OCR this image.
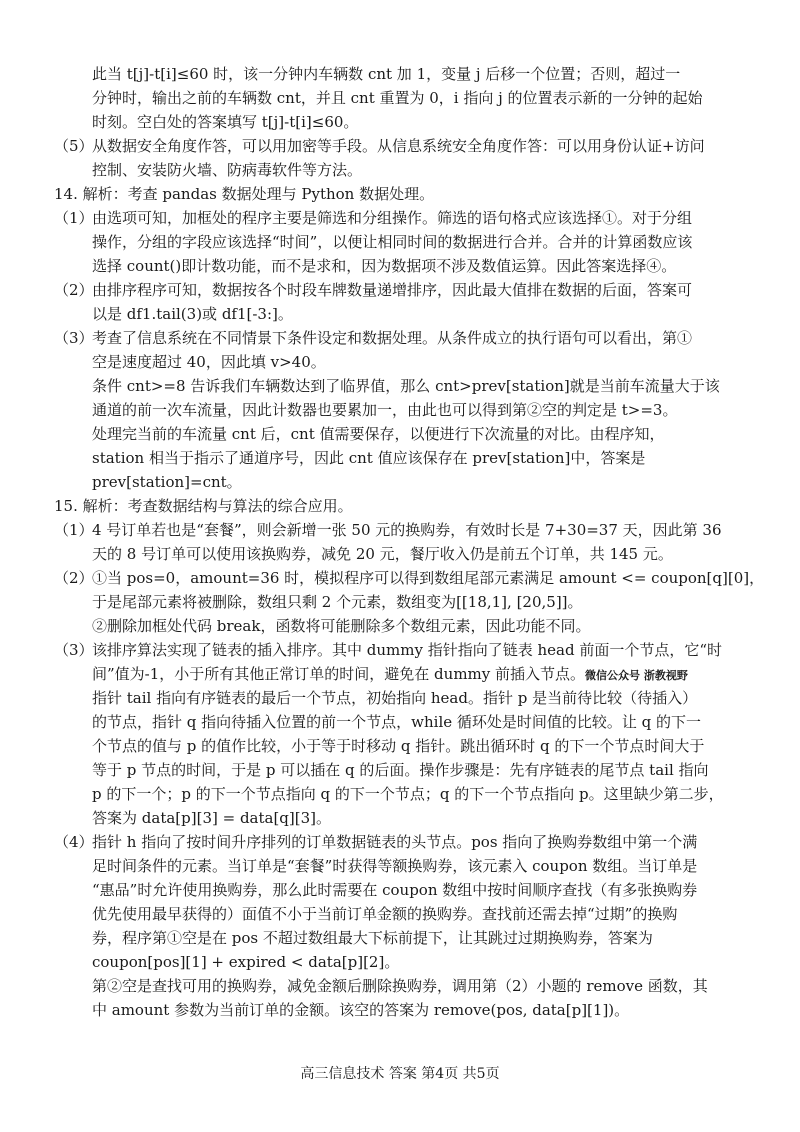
此当 t[j]-t[i]≤60 时，该一分钟内车辆数 cnt 加 1，变量 j 后移一个位置；否则，超过一
分钟时，输出之前的车辆数 cnt，并且 cnt 重置为 0，i 指向 j 的位置表示新的一分钟的起始
时刻。空白处的答案填写 t[j]-t[i]≤60。
（5）从数据安全角度作答，可以用加密等手段。从信息系统安全角度作答：可以用身份认证+访问
控制、安装防火墙、防病毒软件等方法。
14. 解析：考查 pandas 数据处理与 Python 数据处理。
（1）由选项可知，加框处的程序主要是筛选和分组操作。筛选的语句格式应该选择①。对于分组
操作，分组的字段应该选择“时间”，以便让相同时间的数据进行合并。合并的计算函数应该
选择 count()即计数功能，而不是求和，因为数据项不涉及数值运算。因此答案选择④。
（2）由排序程序可知，数据按各个时段车牌数量递增排序，因此最大值排在数据的后面，答案可
以是 df1.tail(3)或 df1[-3:]。
（3）考查了信息系统在不同情景下条件设定和数据处理。从条件成立的执行语句可以看出，第①
空是速度超过 40，因此填 v>40。
条件 cnt>=8 告诉我们车辆数达到了临界值，那么 cnt>prev[station]就是当前车流量大于该
通道的前一次车流量，因此计数器也要累加一，由此也可以得到第②空的判定是 t>=3。
处理完当前的车流量 cnt 后，cnt 值需要保存，以便进行下次流量的对比。由程序知，
station 相当于指示了通道序号，因此 cnt 值应该保存在 prev[station]中，答案是
prev[station]=cnt。
15. 解析：考查数据结构与算法的综合应用。
（1）4 号订单若也是“套餐”，则会新增一张 50 元的换购券，有效时长是 7+30=37 天，因此第 36
天的 8 号订单可以使用该换购券，减免 20 元，餐厅收入仍是前五个订单，共 145 元。
（2）①当 pos=0，amount=36 时，模拟程序可以得到数组尾部元素满足 amount <= coupon[q][0]，
于是尾部元素将被删除，数组只剩 2 个元素，数组变为[[18,1], [20,5]]。
②删除加框处代码 break，函数将可能删除多个数组元素，因此功能不同。
（3）该排序算法实现了链表的插入排序。其中 dummy 指针指向了链表 head 前面一个节点，它“时
间”值为-1，小于所有其他正常订单的时间，避免在 dummy 前插入节点。微信公众号 浙教视野
指针 tail 指向有序链表的最后一个节点，初始指向 head。指针 p 是当前待比较（待插入）
的节点，指针 q 指向待插入位置的前一个节点，while 循环处是时间值的比较。让 q 的下一
个节点的值与 p 的值作比较，小于等于时移动 q 指针。跳出循环时 q 的下一个节点时间大于
等于 p 节点的时间，于是 p 可以插在 q 的后面。操作步骤是：先有序链表的尾节点 tail 指向
p 的下一个；p 的下一个节点指向 q 的下一个节点；q 的下一个节点指向 p。这里缺少第二步，
答案为 data[p][3] = data[q][3]。
（4）指针 h 指向了按时间升序排列的订单数据链表的头节点。pos 指向了换购券数组中第一个满
足时间条件的元素。当订单是“套餐”时获得等额换购券，该元素入 coupon 数组。当订单是
“惠品”时允许使用换购券，那么此时需要在 coupon 数组中按时间顺序查找（有多张换购券
优先使用最早获得的）面值不小于当前订单金额的换购券。查找前还需去掉“过期”的换购
券，程序第①空是在 pos 不超过数组最大下标前提下，让其跳过过期换购券，答案为
coupon[pos][1] + expired < data[p][2]。
第②空是查找可用的换购券，减免金额后删除换购券，调用第（2）小题的 remove 函数，其
中 amount 参数为当前订单的金额。该空的答案为 remove(pos, data[p][1])。
高三信息技术 答案 第4页 共5页
